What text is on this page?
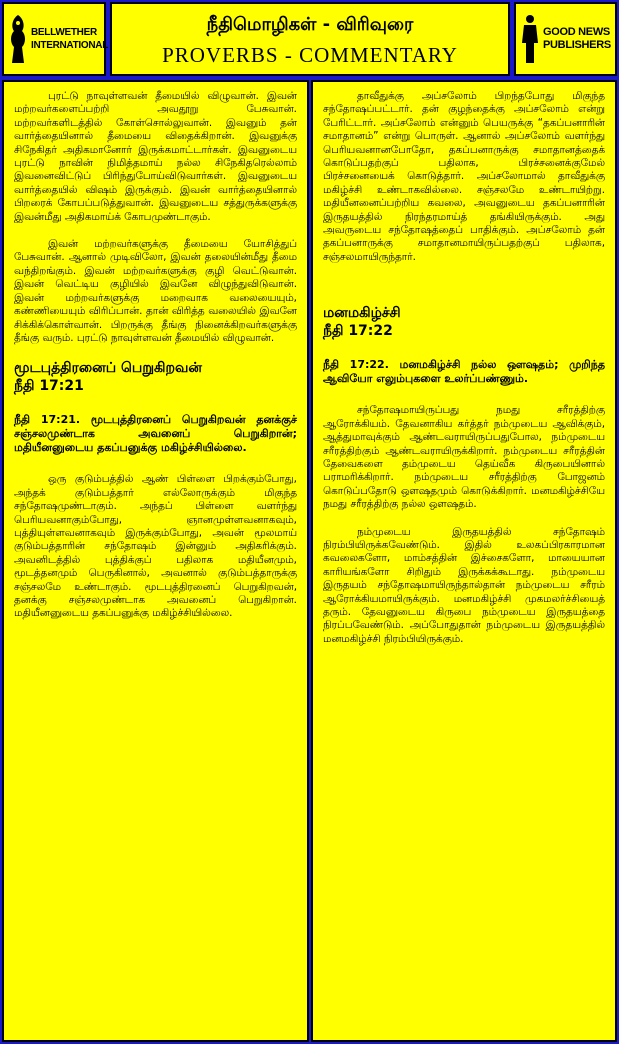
BELLWETHER
INTERNATIONAL
நீதிமொழிகள் - விரிவுரை
PROVERBS - COMMENTARY
GOOD NEWS
PUBLISHERS

புரட்டு நாவுள்ளவன் தீமையில் விழுவான். இவன் மற்றவர்களைப்பற்றி அவதூறு பேசுவான். மற்றவர்களிடத்தில் கோள்சொல்லுவான். இவனும் தன் வார்த்தையினால் தீமையை விதைக்கிறான். இவனுக்கு சிநேகிதர் அதிகமானோர் இருக்கமாட்டார்கள். இவனுடைய புரட்டு நாவின் நிமித்தமாய் நல்ல சிநேகிதரெல்லாம் இவனைவிட்டுப் பிரிந்துபோய்விடுவார்கள். இவனுடைய வார்த்தையில் விஷம் இருக்கும். இவன் வார்த்தையினால் பிறரைக் கோபப்படுத்துவான். இவனுடைய சத்துருக்களுக்கு இவன்மீது அதிகமாய்க் கோபமுண்டாகும்.

இவன் மற்றவர்களுக்கு தீமையை யோசித்துப் பேசுவான். ஆனால் முடிவிலோ, இவன் தலையின்மீது தீமை வந்திறங்கும். இவன் மற்றவர்களுக்கு குழி வெட்டுவான். இவன் வெட்டிய குழியில் இவனே விழுந்துவிடுவான். இவன் மற்றவர்களுக்கு மறைவாக வலையையும், கண்ணியையும் விரிப்பான். தான் விரித்த வலையில் இவனே சிக்கிக்கொள்வான். பிறருக்கு தீங்கு நினைக்கிறவர்களுக்கு தீங்கு வரும். புரட்டு நாவுள்ளவன் தீமையில் விழுவான்.

மூடபுத்திரனைப் பெறுகிறவன்
நீதி 17:21

நீதி 17:21. மூடபுத்திரனைப் பெறுகிறவன் தனக்குச் சஞ்சலமுண்டாக அவனைப் பெறுகிறான்; மதியீனனுடைய தகப்பனுக்கு மகிழ்ச்சியில்லை.

ஒரு குடும்பத்தில் ஆண் பிள்ளை பிறக்கும்போது, அந்தக் குடும்பத்தார் எல்லோருக்கும் மிகுந்த சந்தோஷமுண்டாகும். அந்தப் பிள்ளை வளர்ந்து பெரியவனாகும்போது, ஞானமுள்ளவனாகவும், புத்தியுள்ளவனாகவும் இருக்கும்போது, அவன் மூலமாய் குடும்பத்தாரின் சந்தோஷம் இன்னும் அதிகரிக்கும். அவனிடத்தில் புத்திக்குப் பதிலாக மதியீனமும், மூடத்தனமும் பெருகினால், அவனால் குடும்பத்தாருக்கு சஞ்சலமே உண்டாகும். மூடபுத்திரனைப் பெறுகிறவன், தனக்கு சஞ்சலமுண்டாக அவனைப் பெறுகிறான். மதியீனனுடைய தகப்பனுக்கு மகிழ்ச்சியில்லை.

தாவீதுக்கு அப்சலோம் பிறந்தபோது மிகுந்த சந்தோஷப்பட்டார். தன் குழந்தைக்கு அப்சலோம் என்று பேரிட்டார். அப்சலோம் என்னும் பெயருக்கு “தகப்பனாரின் சமாதானம்” என்று பொருள். ஆனால் அப்சலோம் வளர்ந்து பெரியவனானபோதோ, தகப்பனாருக்கு சமாதானத்தைக் கொடுப்பதற்குப் பதிலாக, பிரச்சனைக்குமேல் பிரச்சனையைக் கொடுத்தார். அப்சலோமால் தாவீதுக்கு மகிழ்ச்சி உண்டாகவில்லை. சஞ்சலமே உண்டாயிற்று. மதியீனனைப்பற்றிய கவலை, அவனுடைய தகப்பனாரின் இருதயத்தில் நிரந்தரமாய்த் தங்கியிருக்கும். அது அவருடைய சந்தோஷத்தைப் பாதிக்கும். அப்சலோம் தன் தகப்பனாருக்கு சமாதானமாயிருப்பதற்குப் பதிலாக, சஞ்சலமாயிருந்தார்.

மனமகிழ்ச்சி
நீதி 17:22

நீதி 17:22. மனமகிழ்ச்சி நல்ல ஔஷதம்; முறிந்த ஆவியோ எலும்புகளை உலர்ப்பண்ணும்.

சந்தோஷமாயிருப்பது நமது சரீரத்திற்கு ஆரோக்கியம். தேவனாகிய கர்த்தர் நம்முடைய ஆவிக்கும், ஆத்துமாவுக்கும் ஆண்டவராயிருப்பதுபோல, நம்முடைய சரீரத்திற்கும் ஆண்டவராயிருக்கிறார். நம்முடைய சரீரத்தின் தேவைகளை தம்முடைய தெய்வீக கிருபையினால் பராமரிக்கிறார். நம்முடைய சரீரத்திற்கு போஜனம் கொடுப்பதோடு ஔஷதமும் கொடுக்கிறார். மனமகிழ்ச்சியே நமது சரீரத்திற்கு நல்ல ஔஷதம்.

நம்முடைய இருதயத்தில் சந்தோஷம் நிரம்பியிருக்கவேண்டும். இதில் உலகப்பிரகாரமான கவலைகளோ, மாம்சத்தின் இச்சைகளோ, மாயையான காரியங்களோ சிறிதும் இருக்கக்கூடாது. நம்முடைய இருதயம் சந்தோஷமாயிருந்தால்தான் நம்முடைய சரீரம் ஆரோக்கியமாயிருக்கும். மனமகிழ்ச்சி முகமலர்ச்சியைத் தரும். தேவனுடைய கிருபை நம்முடைய இருதயத்தை நிரப்பவேண்டும். அப்போதுதான் நம்முடைய இருதயத்தில் மனமகிழ்ச்சி நிரம்பியிருக்கும்.
